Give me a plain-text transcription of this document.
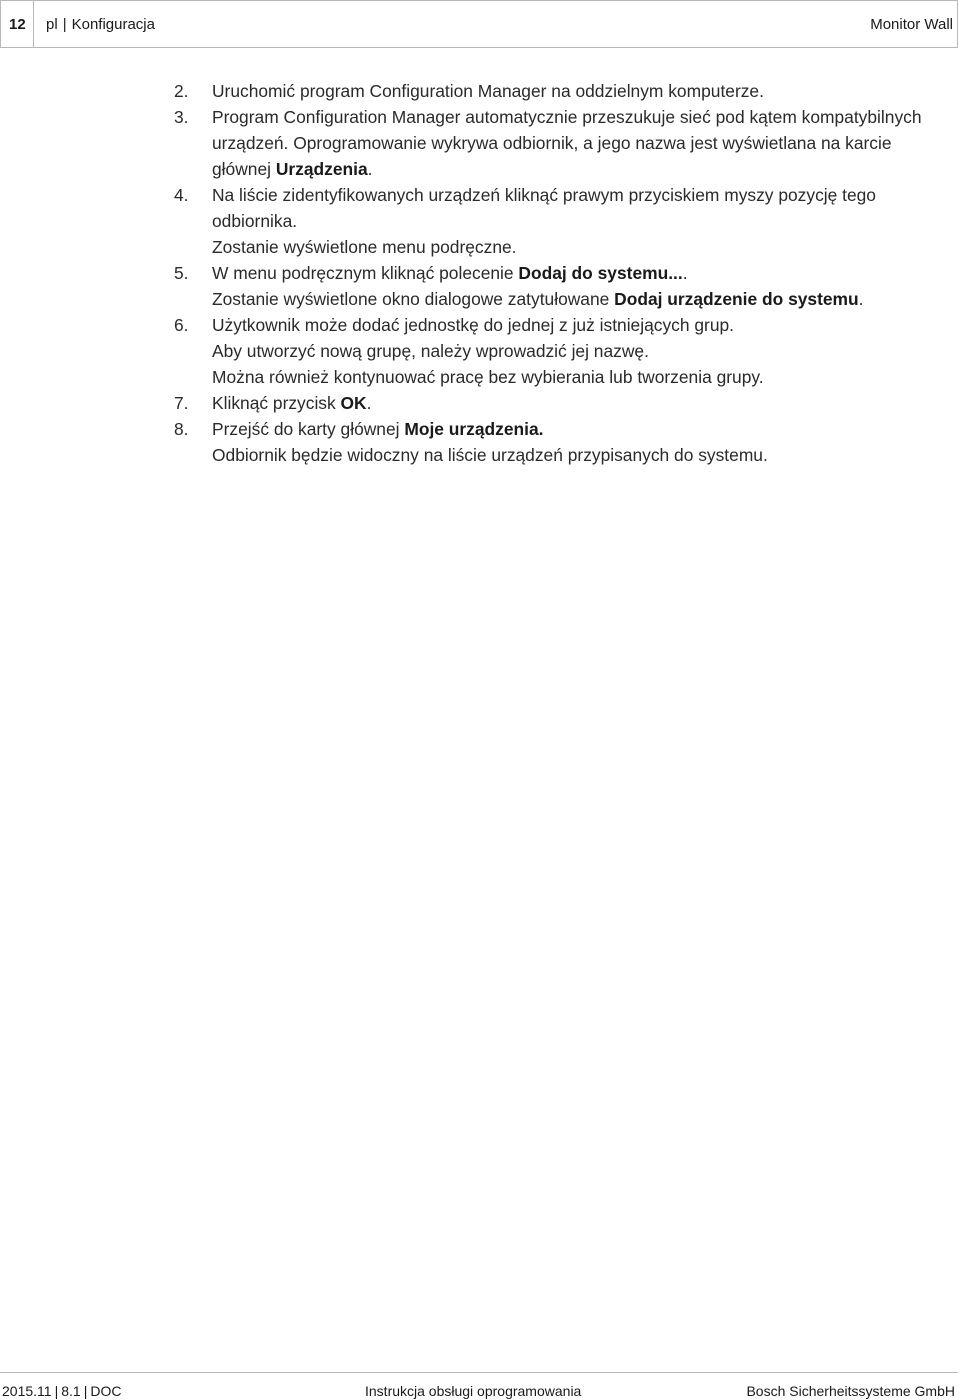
12 pl | Konfiguracja	Monitor Wall
2. Uruchomić program Configuration Manager na oddzielnym komputerze.

3. Program Configuration Manager automatycznie przeszukuje sieć pod kątem kompatybilnych urządzeń. Oprogramowanie wykrywa odbiornik, a jego nazwa jest wyświetlana na karcie głównej Urządzenia.

4. Na liście zidentyfikowanych urządzeń kliknąć prawym przyciskiem myszy pozycję tego odbiornika.

Zostanie wyświetlone menu podręczne.

5. W menu podręcznym kliknąć polecenie Dodaj do systemu....

Zostanie wyświetlone okno dialogowe zatytułowane Dodaj urządzenie do systemu.

6. Użytkownik może dodać jednostkę do jednej z już istniejących grup.

Aby utworzyć nową grupę, należy wprowadzić jej nazwę.

Można również kontynuować pracę bez wybierania lub tworzenia grupy.

7. Kliknąć przycisk OK.

8. Przejść do karty głównej Moje urządzenia.

Odbiornik będzie widoczny na liście urządzeń przypisanych do systemu.

2015.11 | 8.1 | DOC	Instrukcja obsługi oprogramowania	Bosch Sicherheitssysteme GmbH
